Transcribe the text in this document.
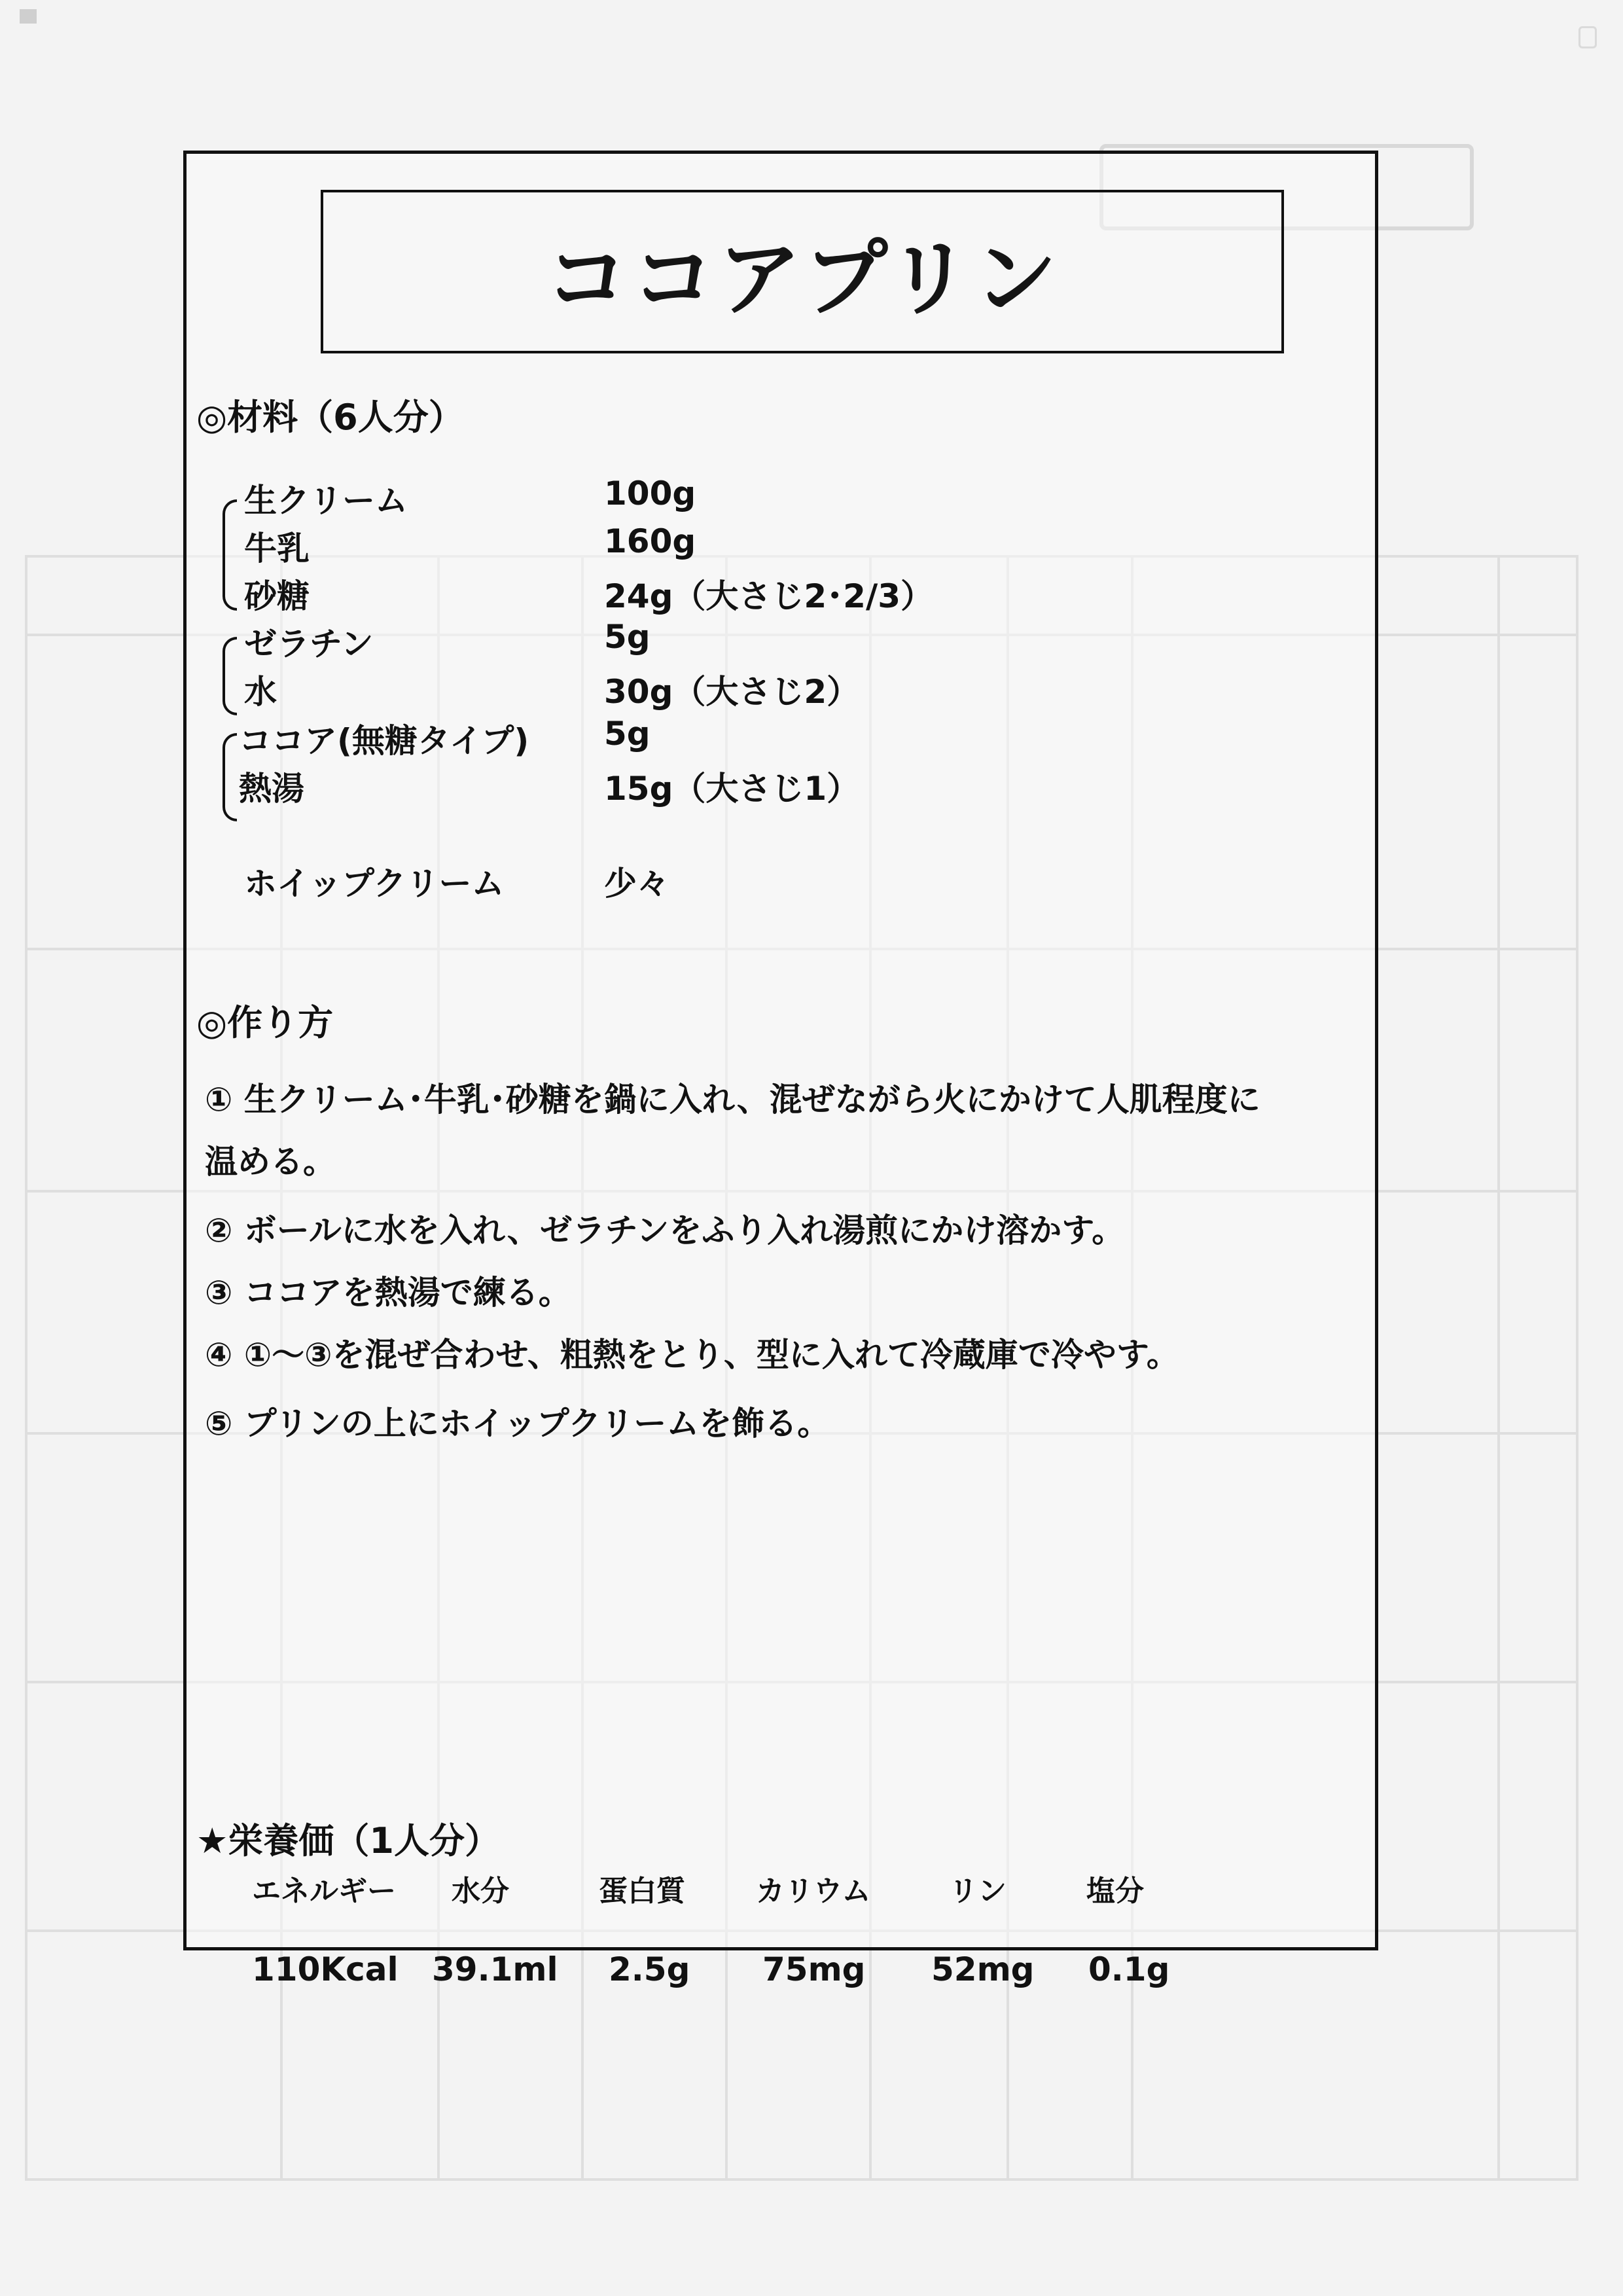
ココアプリン
◎材料（6人分）
生クリーム	100g
牛乳	160g
砂糖	24g（大さじ2･2/3）
ゼラチン	5g
水	30g（大さじ2）
ココア(無糖タイプ) 5g
熱湯	15g（大さじ1）
ホイップクリーム	少々
◎作り方
① 生クリーム･牛乳･砂糖を鍋に入れ、混ぜながら火にかけて人肌程度に
温める。
② ボールに水を入れ、ゼラチンをふり入れ湯煎にかけ溶かす。
③ ココアを熱湯で練る。
④ ①～③を混ぜ合わせ、粗熱をとり、型に入れて冷蔵庫で冷やす。
⑤ プリンの上にホイップクリームを飾る。
★栄養価（1人分）
エネルギー 水分	蛋白質 カリウム	リン	塩分
110Kcal 39.1ml 2.5g 75mg 52mg 0.1g
